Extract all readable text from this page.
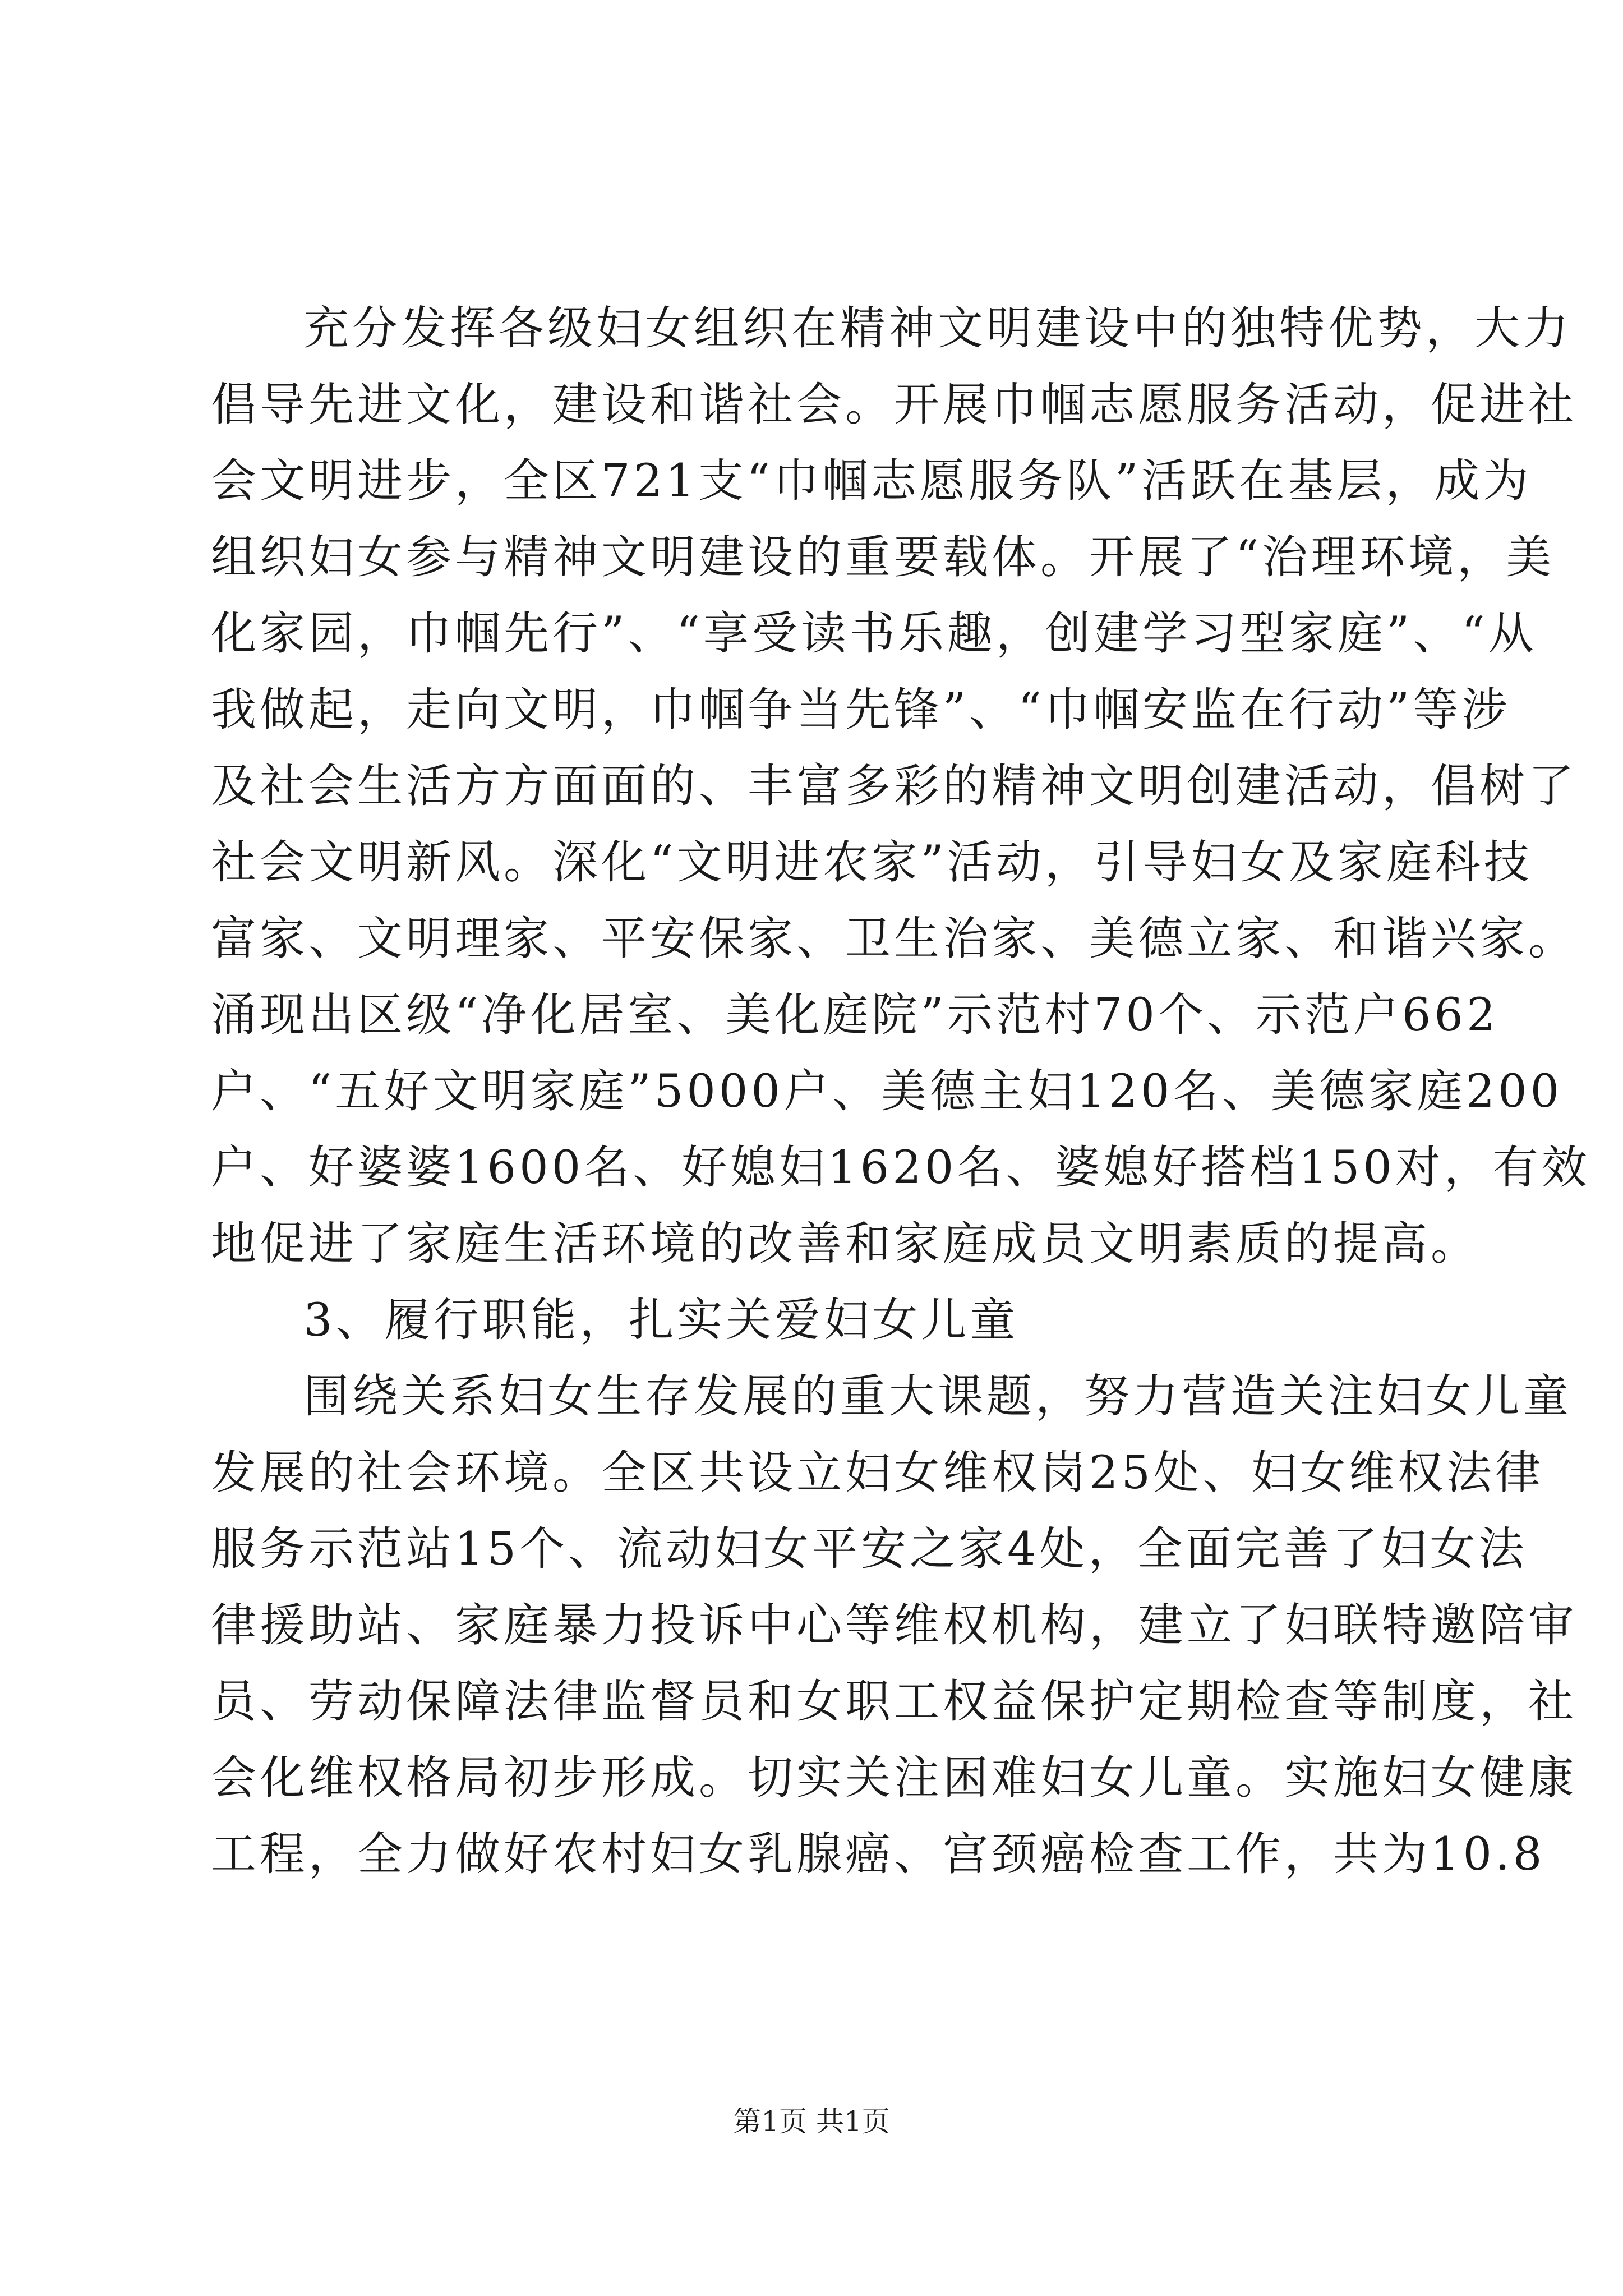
充分发挥各级妇女组织在精神文明建设中的独特优势，大力
倡导先进文化，建设和谐社会。开展巾帼志愿服务活动，促进社
会文明进步，全区721支“巾帼志愿服务队”活跃在基层，成为
组织妇女参与精神文明建设的重要载体。开展了“治理环境，美
化家园，巾帼先行”、“享受读书乐趣，创建学习型家庭”、“从
我做起，走向文明，巾帼争当先锋”、“巾帼安监在行动”等涉
及社会生活方方面面的、丰富多彩的精神文明创建活动，倡树了
社会文明新风。深化“文明进农家”活动，引导妇女及家庭科技
富家、文明理家、平安保家、卫生治家、美德立家、和谐兴家。
涌现出区级“净化居室、美化庭院”示范村70个、示范户662
户、“五好文明家庭”5000户、美德主妇120名、美德家庭200
户、好婆婆1600名、好媳妇1620名、婆媳好搭档150对，有效
地促进了家庭生活环境的改善和家庭成员文明素质的提高。
3、履行职能，扎实关爱妇女儿童
围绕关系妇女生存发展的重大课题，努力营造关注妇女儿童
发展的社会环境。全区共设立妇女维权岗25处、妇女维权法律
服务示范站15个、流动妇女平安之家4处，全面完善了妇女法
律援助站、家庭暴力投诉中心等维权机构，建立了妇联特邀陪审
员、劳动保障法律监督员和女职工权益保护定期检查等制度，社
会化维权格局初步形成。切实关注困难妇女儿童。实施妇女健康
工程，全力做好农村妇女乳腺癌、宫颈癌检查工作，共为10.8
第1页 共1页
